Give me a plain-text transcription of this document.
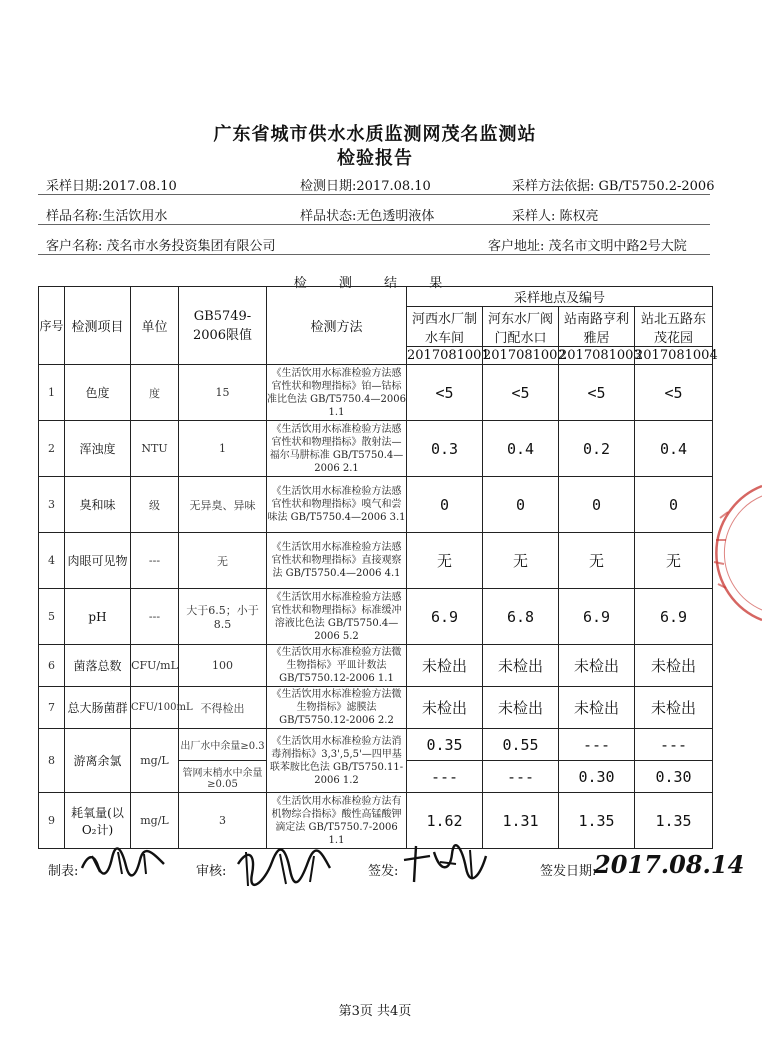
广东省城市供水水质监测网茂名监测站
检验报告
采样日期:2017.08.10	检测日期:2017.08.10	采样方法依据: GB/T5750.2-2006
样品名称:生活饮用水	样品状态:无色透明液体	采样人: 陈权亮
客户名称: 茂名市水务投资集团有限公司	客户地址: 茂名市文明中路2号大院
检 测 结 果
序号	检测项目	单位	GB5749-2006限值	检测方法	采样地点及编号			
					河西水厂制水车间	河东水厂阀门配水口	站南路亨利雅居	站北五路东茂花园
					2017081001	2017081002	2017081003	2017081004
1	色度	度	15	《生活饮用水标准检验方法感官性状和物理指标》铂—钴标准比色法 GB/T5750.4—2006 1.1	<5	<5	<5	<5
2	浑浊度	NTU	1	《生活饮用水标准检验方法感官性状和物理指标》散射法—福尔马肼标准 GB/T5750.4—2006 2.1	0.3	0.4	0.2	0.4
3	臭和味	级	无异臭、异味	《生活饮用水标准检验方法感官性状和物理指标》嗅气和尝味法 GB/T5750.4—2006 3.1	0	0	0	0
4	肉眼可见物	---	无	《生活饮用水标准检验方法感官性状和物理指标》直接观察法 GB/T5750.4—2006 4.1	无	无	无	无
5	pH	---	大于6.5；小于8.5	《生活饮用水标准检验方法感官性状和物理指标》标准缓冲溶液比色法 GB/T5750.4—2006 5.2	6.9	6.8	6.9	6.9
6	菌落总数	CFU/mL	100	《生活饮用水标准检验方法微生物指标》平皿计数法 GB/T5750.12-2006 1.1	未检出	未检出	未检出	未检出
7	总大肠菌群	CFU/100mL	不得检出	《生活饮用水标准检验方法微生物指标》滤膜法 GB/T5750.12-2006 2.2	未检出	未检出	未检出	未检出
8	游离余氯	mg/L	出厂水中余量≥0.3	《生活饮用水标准检验方法消毒剂指标》3,3',5,5'—四甲基联苯胺比色法 GB/T5750.11-2006 1.2	0.35	0.55	---	---
			管网末梢水中余量≥0.05		---	---	0.30	0.30
9	耗氧量(以O₂计)	mg/L	3	《生活饮用水标准检验方法有机物综合指标》酸性高锰酸钾滴定法 GB/T5750.7-2006 1.1	1.62	1.31	1.35	1.35
制表:	审核:	签发:	签发日期:
2017.08.14
第3页 共4页
